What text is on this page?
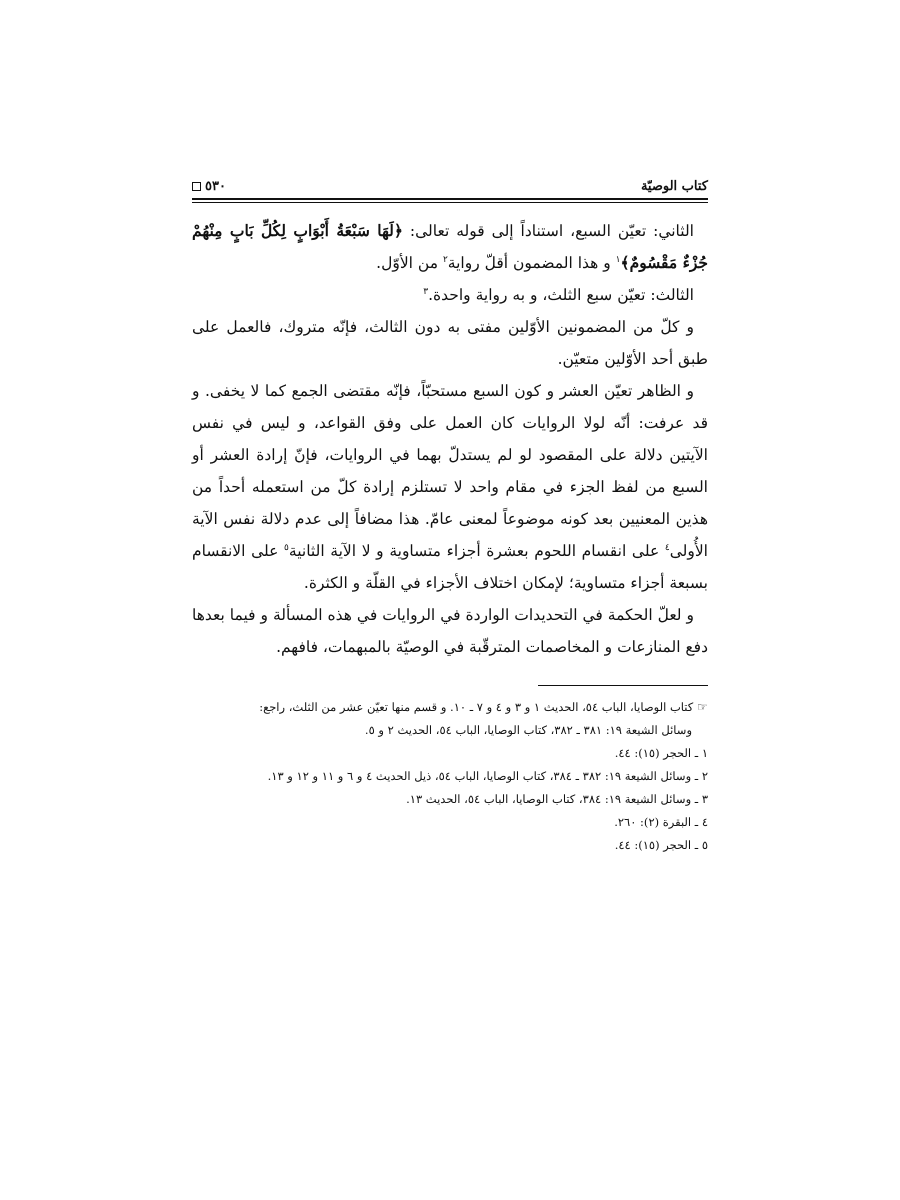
كتاب الوصيّة
٥٣٠

الثاني: تعيّن السبع، استناداً إلى قوله تعالى: ﴿لَهَا سَبْعَةُ أَبْوَابٍ لِكُلِّ بَابٍ مِنْهُمْ جُزْءٌ مَقْسُومٌ﴾$^١$ و هذا المضمون أقلّ رواية$^٢$ من الأوّل.

الثالث: تعيّن سبع الثلث، و به رواية واحدة.$^٣$

و كلّ من المضمونين الأوّلين مفتى به دون الثالث، فإنّه متروك، فالعمل على طبق أحد الأوّلين متعيّن.

و الظاهر تعيّن العشر و كون السبع مستحبّاً، فإنّه مقتضى الجمع كما لا يخفى. و قد عرفت: أنّه لولا الروايات كان العمل على وفق القواعد، و ليس في نفس الآيتين دلالة على المقصود لو لم يستدلّ بهما في الروايات، فإنّ إرادة العشر أو السبع من لفظ الجزء في مقام واحد لا تستلزم إرادة كلّ من استعمله أحداً من هذين المعنيين بعد كونه موضوعاً لمعنى عامّ. هذا مضافاً إلى عدم دلالة نفس الآية الأُولى$^٤$ على انقسام اللحوم بعشرة أجزاء متساوية و لا الآية الثانية$^٥$ على الانقسام بسبعة أجزاء متساوية؛ لإمكان اختلاف الأجزاء في القلّة و الكثرة.

و لعلّ الحكمة في التحديدات الواردة في الروايات في هذه المسألة و فيما بعدها دفع المنازعات و المخاصمات المترقّبة في الوصيّة بالمبهمات، فافهم.

☜كتاب الوصايا، الباب ٥٤، الحديث ١ و ٣ و ٤ و ٧ ـ ١٠. و قسم منها تعيّن عشر من الثلث، راجع:
وسائل الشيعة ١٩: ٣٨١ ـ ٣٨٢، كتاب الوصايا، الباب ٥٤، الحديث ٢ و ٥.
١ ـ الحجر (١٥): ٤٤.
٢ ـ وسائل الشيعة ١٩: ٣٨٢ ـ ٣٨٤، كتاب الوصايا، الباب ٥٤، ذيل الحديث ٤ و ٦ و ١١ و ١٢ و ١٣.
٣ ـ وسائل الشيعة ١٩: ٣٨٤، كتاب الوصايا، الباب ٥٤، الحديث ١٣.
٤ ـ البقرة (٢): ٢٦٠.
٥ ـ الحجر (١٥): ٤٤.
